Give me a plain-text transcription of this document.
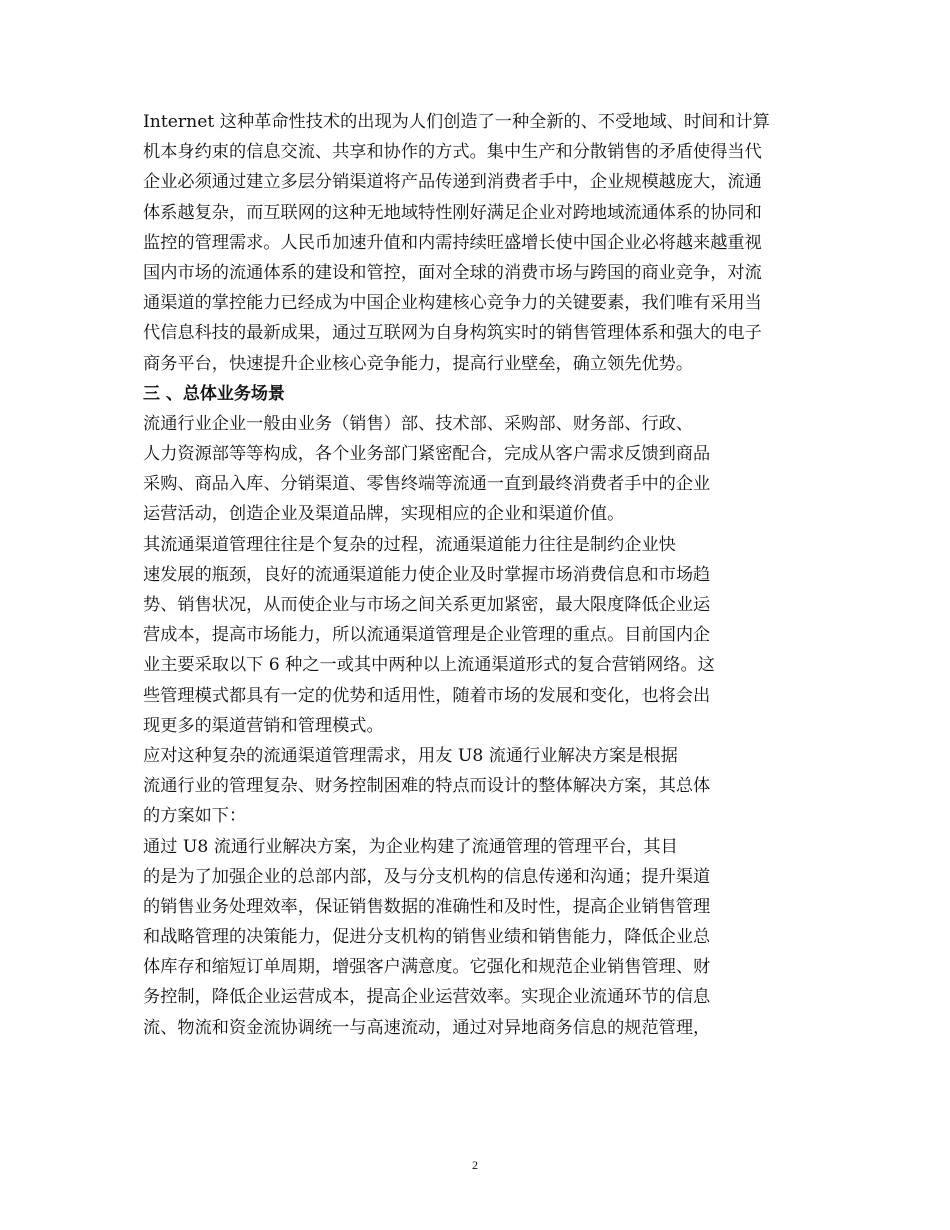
Internet 这种革命性技术的出现为人们创造了一种全新的、不受地域、时间和计算
机本身约束的信息交流、共享和协作的方式。集中生产和分散销售的矛盾使得当代
企业必须通过建立多层分销渠道将产品传递到消费者手中，企业规模越庞大，流通
体系越复杂，而互联网的这种无地域特性刚好满足企业对跨地域流通体系的协同和
监控的管理需求。人民币加速升值和内需持续旺盛增长使中国企业必将越来越重视
国内市场的流通体系的建设和管控，面对全球的消费市场与跨国的商业竞争，对流
通渠道的掌控能力已经成为中国企业构建核心竞争力的关键要素，我们唯有采用当
代信息科技的最新成果，通过互联网为自身构筑实时的销售管理体系和强大的电子
商务平台，快速提升企业核心竞争能力，提高行业壁垒，确立领先优势。
三 、总体业务场景
流通行业企业一般由业务（销售）部、技术部、采购部、财务部、行政、
人力资源部等等构成，各个业务部门紧密配合，完成从客户需求反馈到商品
采购、商品入库、分销渠道、零售终端等流通一直到最终消费者手中的企业
运营活动，创造企业及渠道品牌，实现相应的企业和渠道价值。
其流通渠道管理往往是个复杂的过程，流通渠道能力往往是制约企业快
速发展的瓶颈，良好的流通渠道能力使企业及时掌握市场消费信息和市场趋
势、销售状况，从而使企业与市场之间关系更加紧密，最大限度降低企业运
营成本，提高市场能力，所以流通渠道管理是企业管理的重点。目前国内企
业主要采取以下 6 种之一或其中两种以上流通渠道形式的复合营销网络。这
些管理模式都具有一定的优势和适用性，随着市场的发展和变化，也将会出
现更多的渠道营销和管理模式。
应对这种复杂的流通渠道管理需求，用友 U8 流通行业解决方案是根据
流通行业的管理复杂、财务控制困难的特点而设计的整体解决方案，其总体
的方案如下：
通过 U8 流通行业解决方案，为企业构建了流通管理的管理平台，其目
的是为了加强企业的总部内部，及与分支机构的信息传递和沟通；提升渠道
的销售业务处理效率，保证销售数据的准确性和及时性，提高企业销售管理
和战略管理的决策能力，促进分支机构的销售业绩和销售能力，降低企业总
体库存和缩短订单周期，增强客户满意度。它强化和规范企业销售管理、财
务控制，降低企业运营成本，提高企业运营效率。实现企业流通环节的信息
流、物流和资金流协调统一与高速流动，通过对异地商务信息的规范管理，
2
